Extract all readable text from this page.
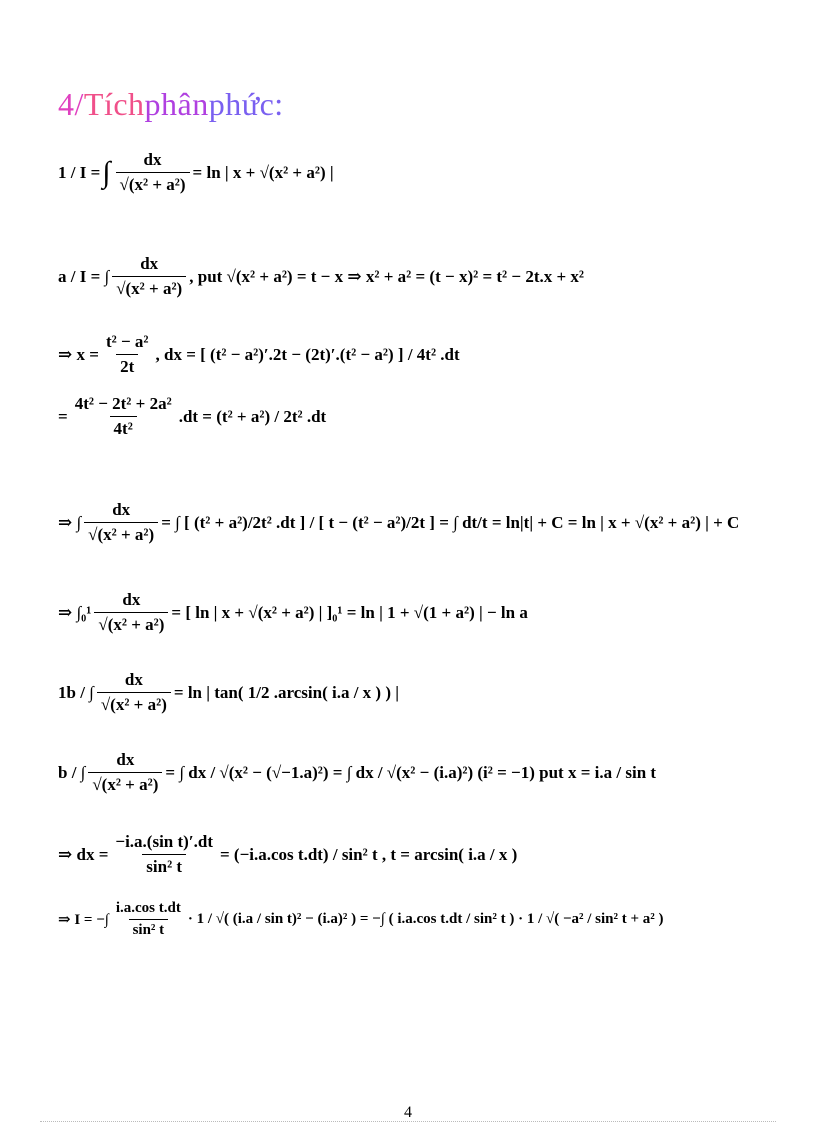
4/Tíchphânphức:
1 / I = ∫ $\frac{dx}{\text{√(x² + a²)}} = \ln$ | x + √(x² + a²) |
a / I = ∫ $\frac{dx}{\text{√(x² + a²)}}$ , put √(x² + a²) = t − x ⇒ x² + a² = (t − x)² = t² − 2t.x + x²
⇒ $x = \frac{\text{t² − a²}}{2t}$ , dx = [ (t² − a²)′.2t − (2t)′.(t² − a²) ] / 4t² .dt
= $\frac{\text{4t² − 2t² + 2a²}}{\text{4t²}} .dt = (t^2 + a^2) / 2t^2$ .dt
⇒ ∫ $\frac{dx}{\text{√(x² + a²)}}$ = ∫ [ (t² + a²)/2t² .dt ] / [ t − (t² − a²)/2t ] = ∫ dt/t = ln|t| + C = ln | x + √(x² + a²) | + C
⇒ $\int_0^1 \frac{dx}{\text{√(x² + a²)}}$ = [ ln | x + √(x² + a²) | ]₀¹ = ln | 1 + √(1 + a²) | − ln a
1b / ∫ $\frac{dx}{\text{√(x² + a²)}} = \ln$ | tan( 1/2 .arcsin( i.a / x ) ) |
b / ∫ $\frac{dx}{\text{√(x² + a²)}}$ = ∫ dx / √(x² − (√−1.a)²) = ∫ dx / √(x² − (i.a)²) (i² = −1) put x = i.a / sin t
⇒ dx = $\frac{\text{−i.a.(sin t)′.dt}}{\text{sin² t}} = (-i.a.\cos$ t.dt) / sin² t , t = arcsin( i.a / x )
⇒ I = −∫ $\frac{\text{i.a.cos t.dt}}{\text{sin² t}} \cdot 1$ / √( (i.a / sin t)² − (i.a)² ) = −∫ ( i.a.cos t.dt / sin² t ) · 1 / √( −a² / sin² t + a² )
4
